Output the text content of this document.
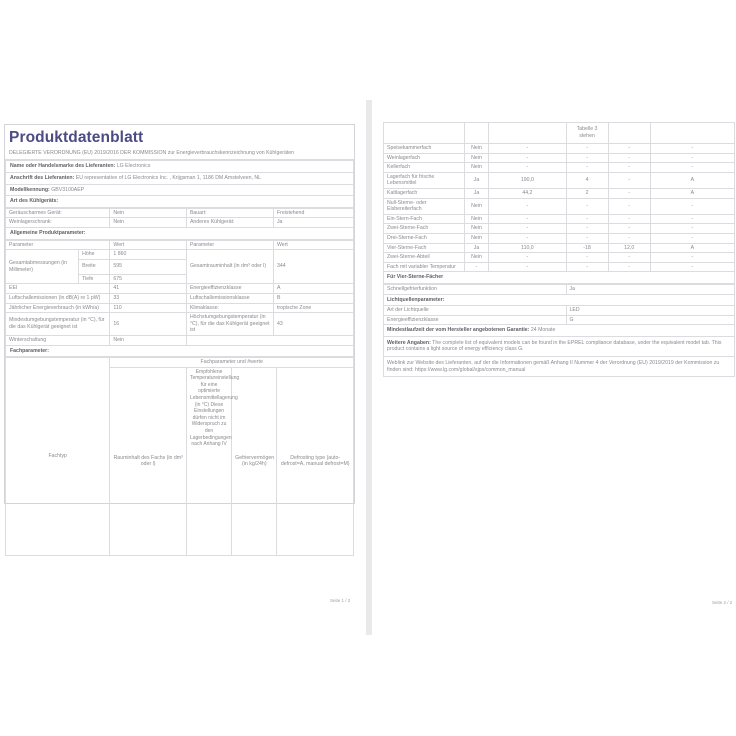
Produktdatenblatt
DELEGIERTE VERORDNUNG (EU) 2019/2016 DER KOMMISSION zur Energieverbrauchskennzeichnung von Kühlgeräten
Name oder Handelsmarke des Lieferanten: LG Electronics
Anschrift des Lieferanten: EU representative of LG Electronics Inc. , Krijgsman 1, 1186 DM Amstelveen, NL
Modellkennung: GBV3100AEP
Art des Kühlgeräts:
Geräuscharmes Gerät:	Nein	Bauart:	Freistehend
Weinlagerschrank:	Nein	Anderes Kühlgerät:	Ja
Allgemeine Produktparameter:			
Parameter		Wert	Parameter	Wert
Gesamtabmessungen (in Millimeter)	Höhe	1 860	Gesamtrauminhalt (in dm³ oder l)	344
	Breite	595		
	Tiefe	675		
EEI		41	Energieeffizienzklasse	A
Luftschallemissionen (in dB(A) re 1 pW)		33	Luftschallemissionsklasse	B
Jährlicher Energieverbrauch (in kWh/a)		110	Klimaklasse:	tropische Zone
Mindestumgebungstemperatur (in °C), für die das Kühlgerät geeignet ist		16	Höchstumgebungstemperatur (in °C), für die das Kühlgerät geeignet ist	43
Winterschaltung		Nein		
Fachparameter:				
Fachtyp	Fachparameter und #werte			
	Rauminhalt des Fachs (in dm³ oder l)	Empfohlene Temperatureinstellung für eine optimierte Lebensmittellagerung (in °C) Diese Einstellungen dürfen nicht im Widerspruch zu den Lagerbedingungen nach Anhang IV	Gefriervermögen (in kg/24h)	Defrosting type (auto-defrost=A, manual defrost=M)
Seite 1 / 2
			Tabelle 3 stehen		
Speisekammerfach	Nein	-	-	-	-
Weinlagerfach	Nein	-	-	-	-
Kellerfach	Nein	-	-	-	-
Lagerfach für frische Lebensmittel	Ja	190,0	4	-	A
Kaltlagerfach	Ja	44,2	2	-	A
Null-Sterne- oder Eisbereiterfach	Nein	-	-	-	-
Ein-Stern-Fach	Nein	-	-	-	-
Zwei-Sterne-Fach	Nein	-	-	-	-
Drei-Sterne-Fach	Nein	-	-	-	-
Vier-Sterne-Fach	Ja	110,0	-18	12,0	A
Zwei-Sterne-Abteil	Nein	-	-	-	-
Fach mit variabler Temperatur	-	-	-	-	-
Für Vier-Sterne-Fächer					
Schnellgefrierfunktion	Ja
Lichtquellenparameter:	
Art der Lichtquelle	LED
Energieeffizienzklasse	G
Mindestlaufzeit der vom Hersteller angebotenen Garantie: 24 Monate	
Weitere Angaben: The complete list of equivalent models can be found in the EPREL compliance database, under the equivalent model tab. This product contains a light source of energy efficiency class G.	
Weblink zur Website des Lieferanten, auf der die Informationen gemäß Anhang II Nummer 4 der Verordnung (EU) 2019/2019 der Kommission zu finden sind: https://www.lg.com/global/sjps/common_manual	
Seite 2 / 2
